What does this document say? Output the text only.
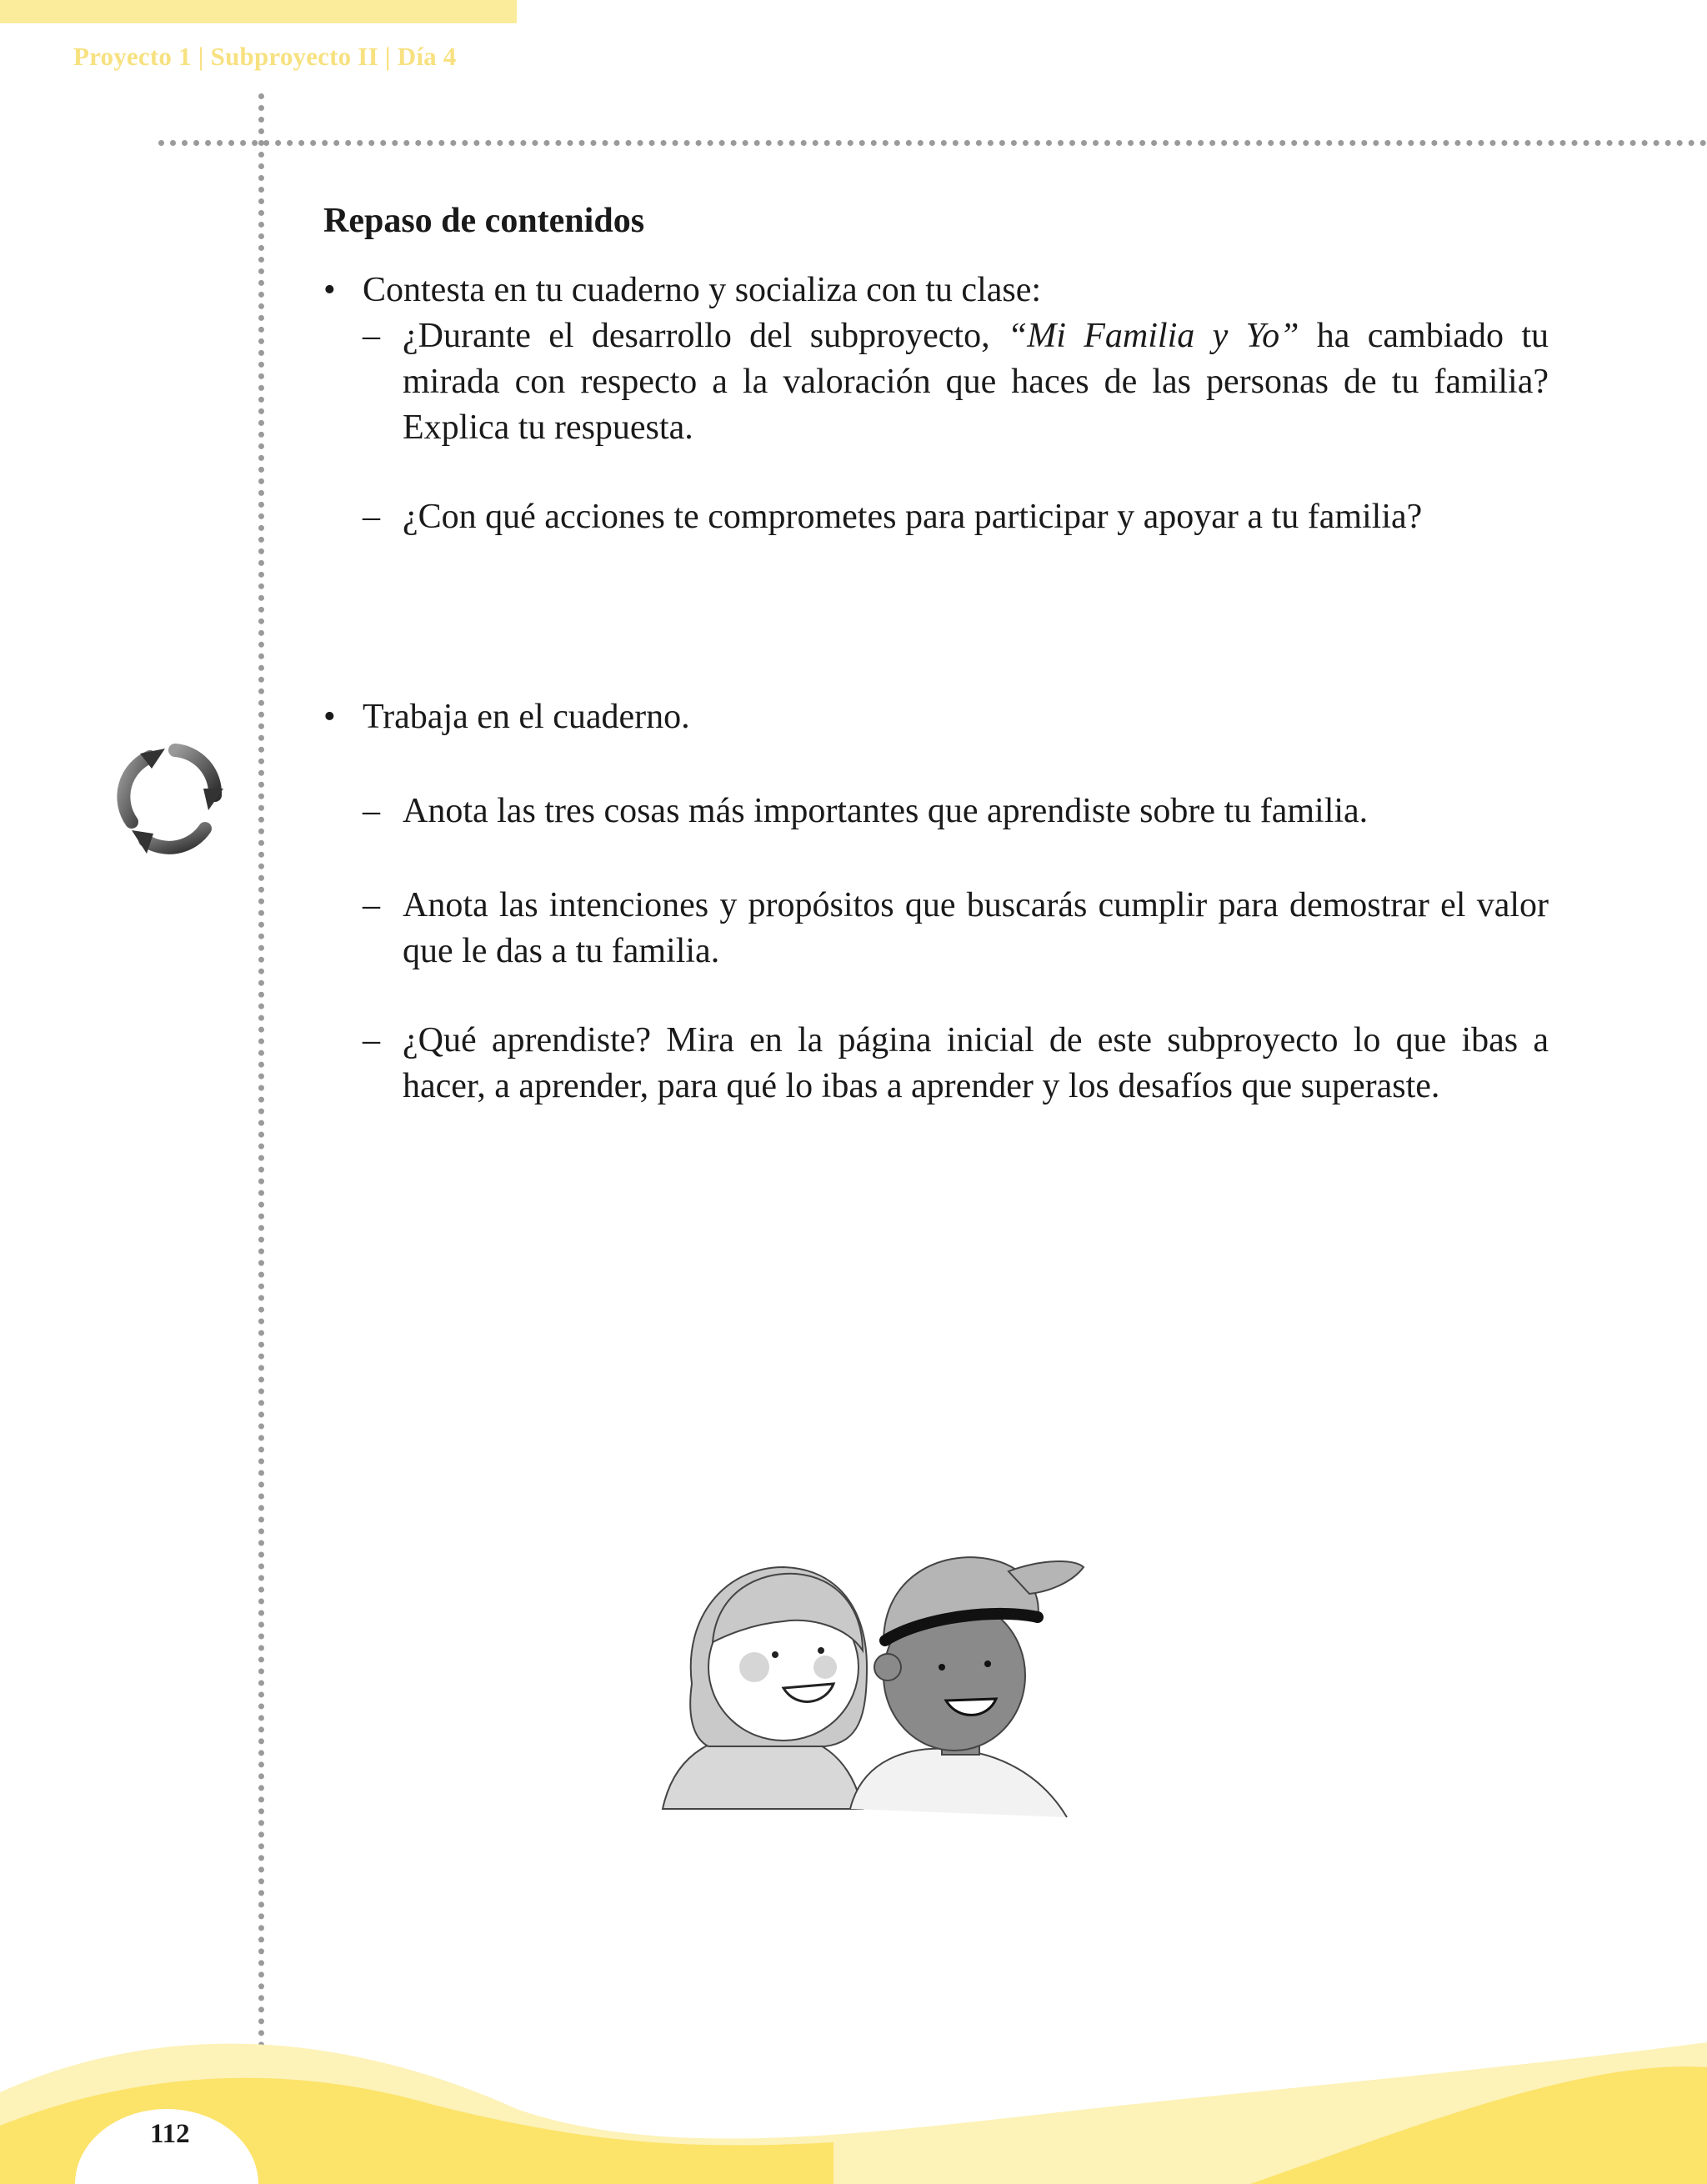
Proyecto 1 | Subproyecto II | Día 4
Repaso de contenidos
• Contesta en tu cuaderno y socializa con tu clase:
– ¿Durante el desarrollo del subproyecto, “Mi Familia y Yo” ha cambiado tu mirada con respecto a la valoración que haces de las personas de tu familia? Explica tu respuesta.
– ¿Con qué acciones te comprometes para participar y apoyar a tu familia?
• Trabaja en el cuaderno.
– Anota las tres cosas más importantes que aprendiste sobre tu familia.
– Anota las intenciones y propósitos que buscarás cumplir para demostrar el valor que le das a tu familia.
– ¿Qué aprendiste? Mira en la página inicial de este subproyecto lo que ibas a hacer, a aprender, para qué lo ibas a aprender y los desafíos que superaste.
112
